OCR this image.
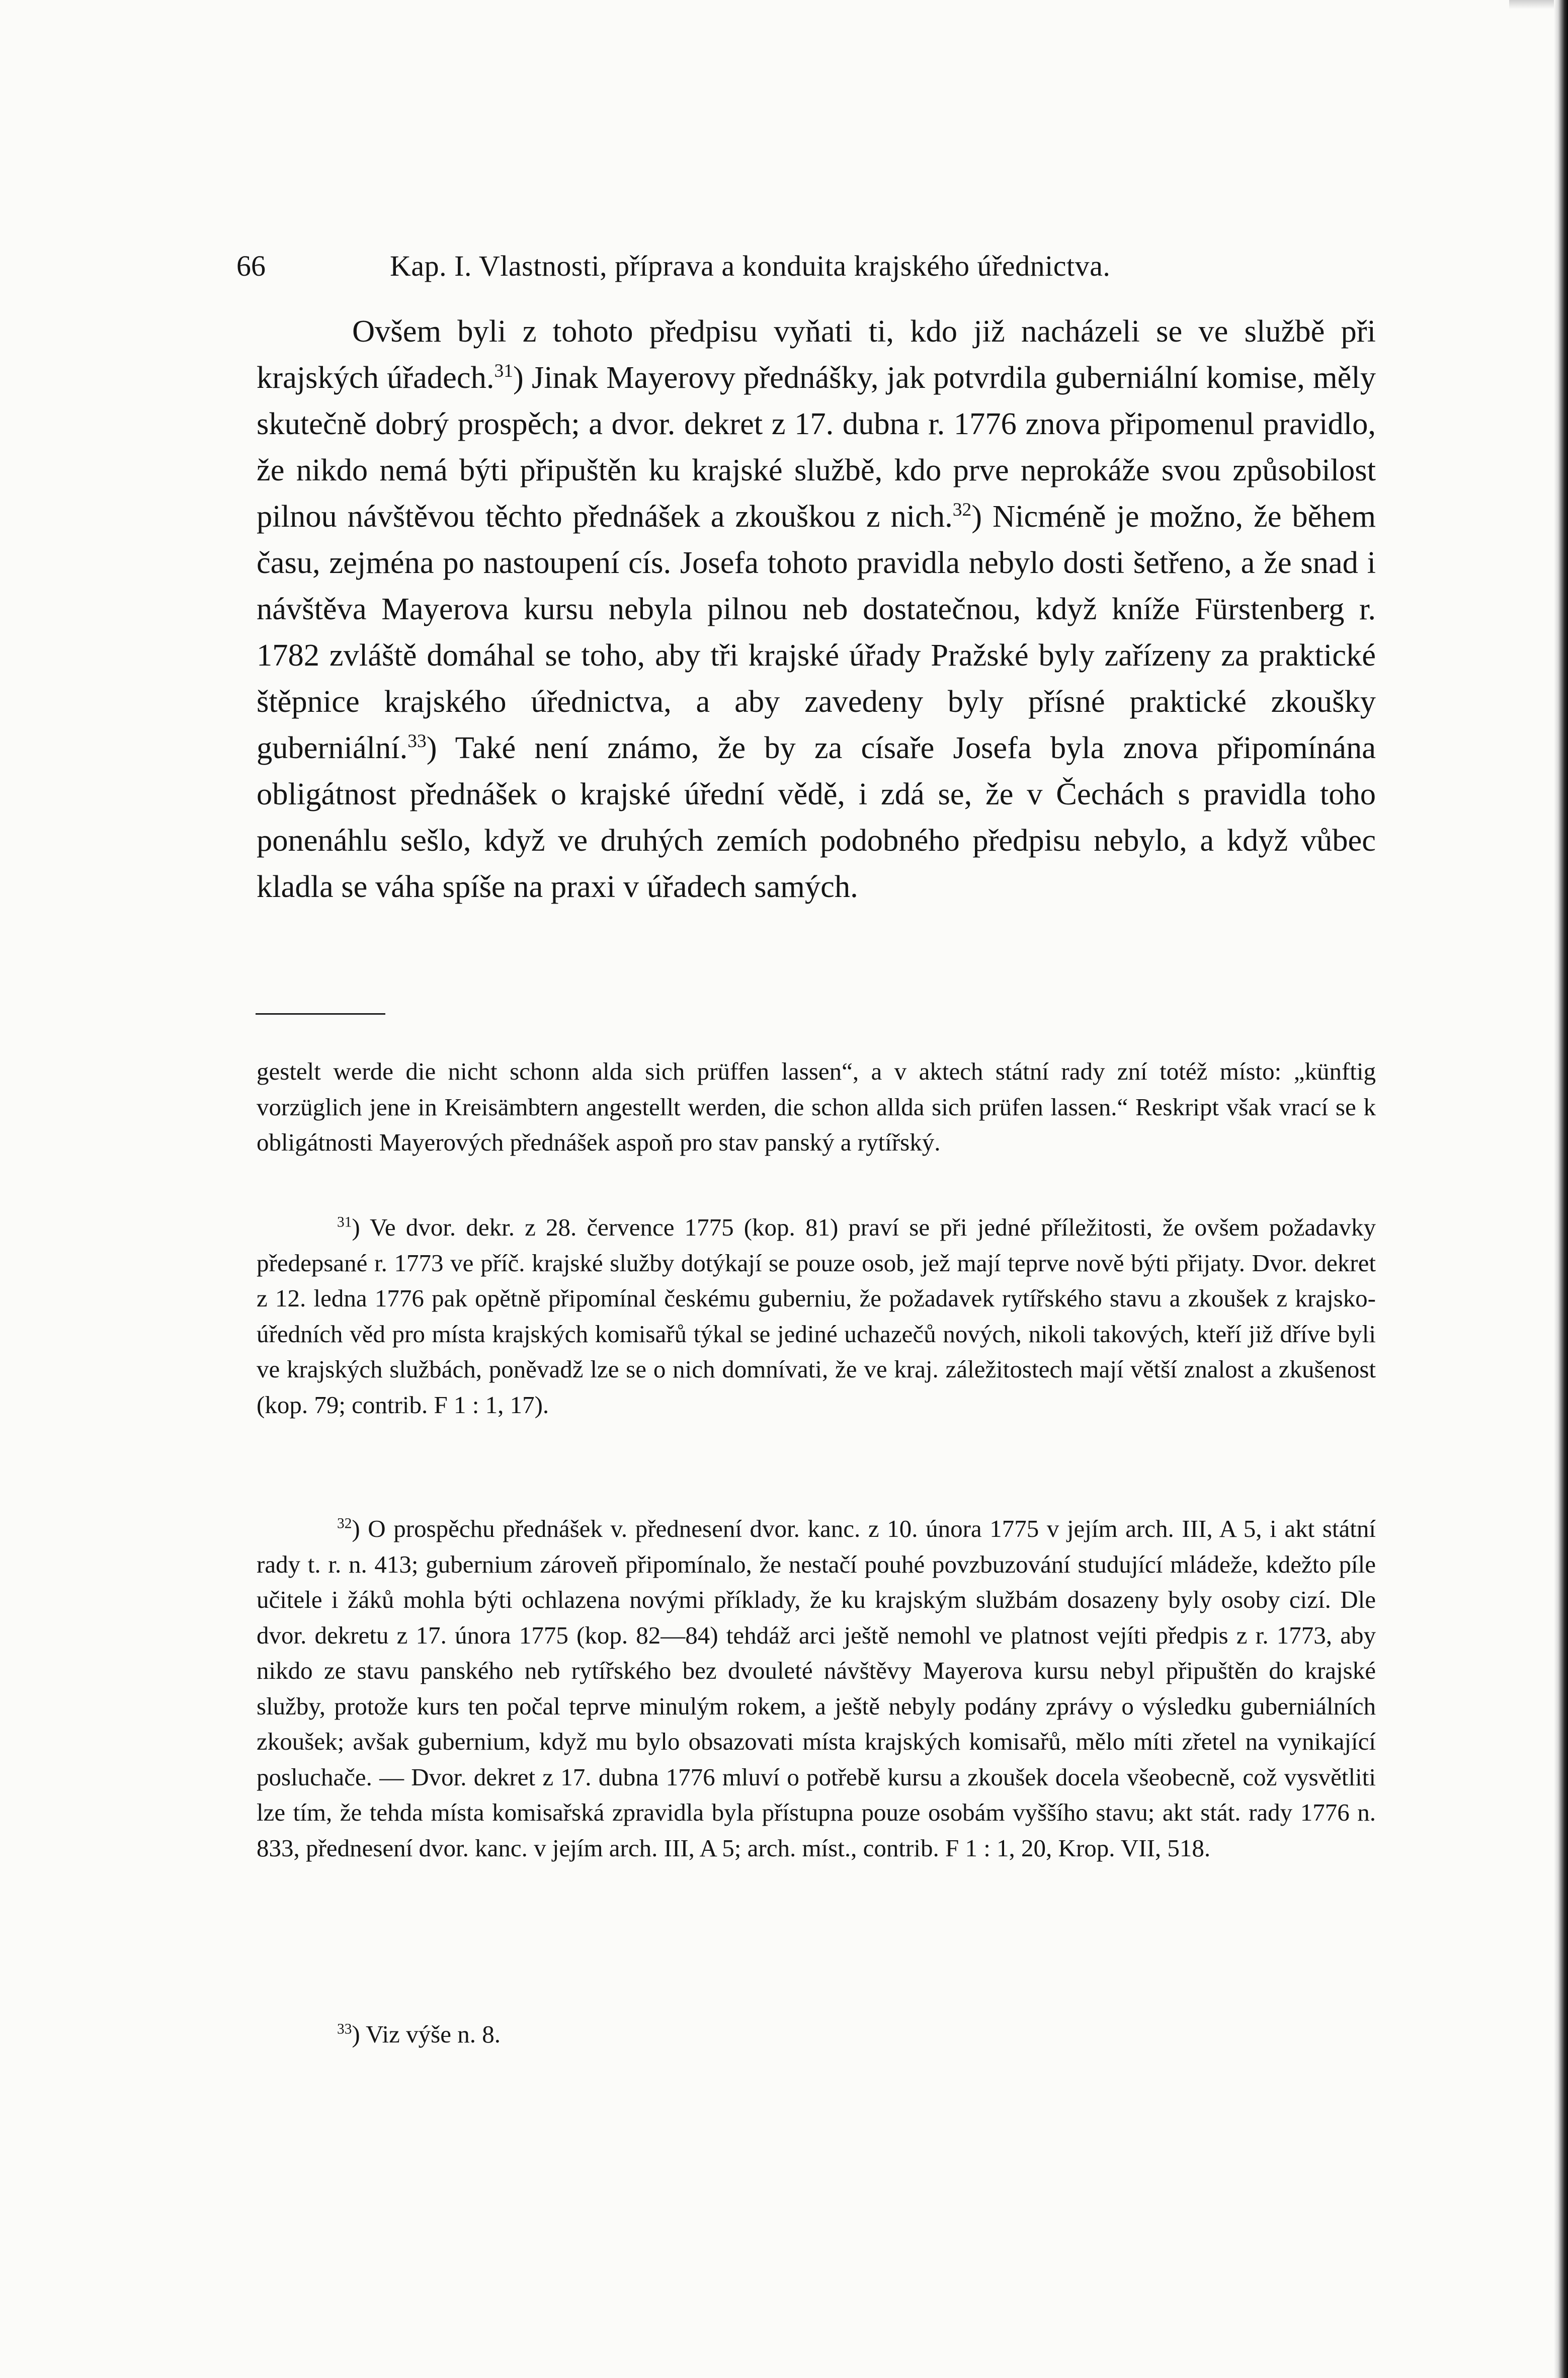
66	Kap. I. Vlastnosti, příprava a konduita krajského úřednictva.

Ovšem byli z tohoto předpisu vyňati ti, kdo již nacházeli se ve službě při krajských úřadech.$^{31}$) Jinak Mayerovy přednášky, jak potvrdila guberniální komise, měly skutečně dobrý prospěch; a dvor. dekret z 17. dubna r. 1776 znova připomenul pravidlo, že nikdo nemá býti připuštěn ku krajské službě, kdo prve neprokáže svou způsobilost pilnou návštěvou těchto přednášek a zkouškou z nich.$^{32}$) Nicméně je možno, že během času, zejména po nastoupení cís. Josefa tohoto pravidla nebylo dosti šetřeno, a že snad i návštěva Mayerova kursu nebyla pilnou neb dostatečnou, když kníže Fürstenberg r. 1782 zvláště domáhal se toho, aby tři krajské úřady Pražské byly zařízeny za praktické štěpnice krajského úřednictva, a aby zavedeny byly přísné praktické zkoušky guberniální.$^{33}$) Také není známo, že by za císaře Josefa byla znova připomínána obligátnost přednášek o krajské úřední vědě, i zdá se, že v Čechách s pravidla toho ponenáhlu sešlo, když ve druhých zemích podobného předpisu nebylo, a když vůbec kladla se váha spíše na praxi v úřadech samých.

gestelt werde die nicht schonn alda sich prüffen lassen“, a v aktech státní rady zní totéž místo: „künftig vorzüglich jene in Kreisämbtern angestellt werden, die schon allda sich prüfen lassen.“ Reskript však vrací se k obligátnosti Mayerových přednášek aspoň pro stav panský a rytířský.

$^{31}$) Ve dvor. dekr. z 28. července 1775 (kop. 81) praví se při jedné příležitosti, že ovšem požadavky předepsané r. 1773 ve příč. krajské služby dotýkají se pouze osob, jež mají teprve nově býti přijaty. Dvor. dekret z 12. ledna 1776 pak opětně připomínal českému guberniu, že požadavek rytířského stavu a zkoušek z krajsko-úředních věd pro místa krajských komisařů týkal se jediné uchazečů nových, nikoli takových, kteří již dříve byli ve krajských službách, poněvadž lze se o nich domnívati, že ve kraj. záležitostech mají větší znalost a zkušenost (kop. 79; contrib. F 1 : 1, 17).

$^{32}$) O prospěchu přednášek v. přednesení dvor. kanc. z 10. února 1775 v jejím arch. III, A 5, i akt státní rady t. r. n. 413; gubernium zároveň připomínalo, že nestačí pouhé povzbuzování studující mládeže, kdežto píle učitele i žáků mohla býti ochlazena novými příklady, že ku krajským službám dosazeny byly osoby cizí. Dle dvor. dekretu z 17. února 1775 (kop. 82—84) tehdáž arci ještě nemohl ve platnost vejíti předpis z r. 1773, aby nikdo ze stavu panského neb rytířského bez dvouleté návštěvy Mayerova kursu nebyl připuštěn do krajské služby, protože kurs ten počal teprve minulým rokem, a ještě nebyly podány zprávy o výsledku guberniálních zkoušek; avšak gubernium, když mu bylo obsazovati místa krajských komisařů, mělo míti zřetel na vynikající posluchače. — Dvor. dekret z 17. dubna 1776 mluví o potřebě kursu a zkoušek docela všeobecně, což vysvětliti lze tím, že tehda místa komisařská zpravidla byla přístupna pouze osobám vyššího stavu; akt stát. rady 1776 n. 833, přednesení dvor. kanc. v jejím arch. III, A 5; arch. míst., contrib. F 1 : 1, 20, Krop. VII, 518.

$^{33}$) Viz výše n. 8.
